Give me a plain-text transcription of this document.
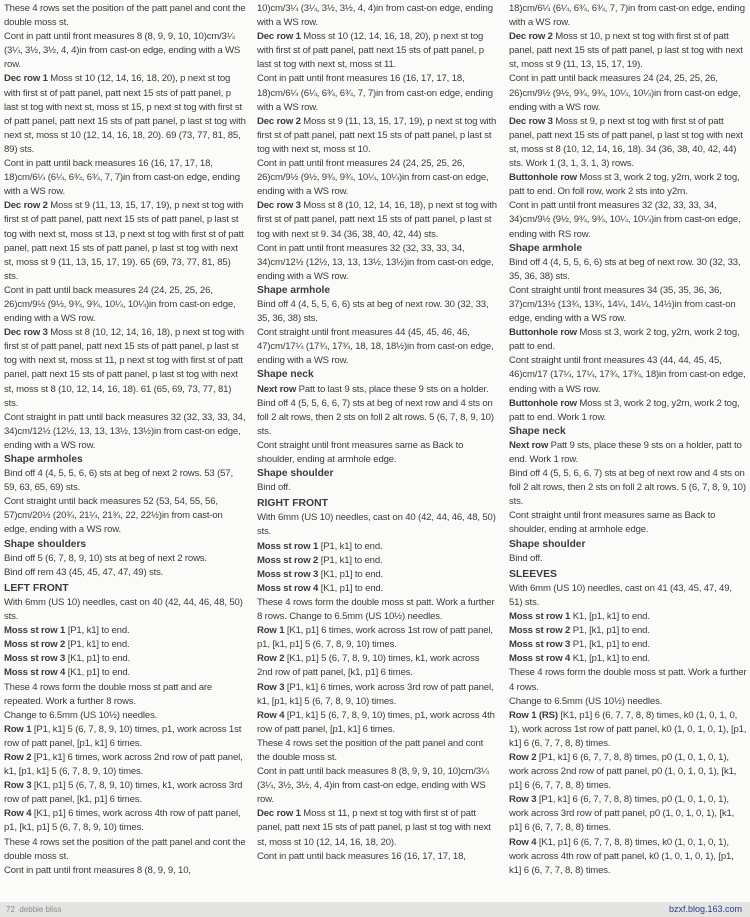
These 4 rows set the position of the patt panel and cont the double moss st.

Cont in patt until front measures 8 (8, 9, 9, 10, 10)cm/3¼ (3¼, 3½, 3½, 4, 4)in from cast-on edge, ending with a WS row.

Dec row 1 Moss st 10 (12, 14, 16, 18, 20), p next st tog with first st of patt panel, patt next 15 sts of patt panel, p last st tog with next st, moss st 15, p next st tog with first st of patt panel, patt next 15 sts of patt panel, p last st tog with next st, moss st 10 (12, 14, 16, 18, 20). 69 (73, 77, 81, 85, 89) sts.

Cont in patt until back measures 16 (16, 17, 17, 18, 18)cm/6¼ (6¼, 6¾, 6¾, 7, 7)in from cast-on edge, ending with a WS row.

Dec row 2 Moss st 9 (11, 13, 15, 17, 19), p next st tog with first st of patt panel, patt next 15 sts of patt panel, p last st tog with next st, moss st 13, p next st tog with first st of patt panel, patt next 15 sts of patt panel, p last st tog with next st, moss st 9 (11, 13, 15, 17, 19). 65 (69, 73, 77, 81, 85) sts.

Cont in patt until back measures 24 (24, 25, 25, 26, 26)cm/9½ (9½, 9¾, 9¾, 10¼, 10¼)in from cast-on edge, ending with a WS row.

Dec row 3 Moss st 8 (10, 12, 14, 16, 18), p next st tog with first st of patt panel, patt next 15 sts of patt panel, p last st tog with next st, moss st 11, p next st tog with first st of patt panel, patt next 15 sts of patt panel, p last st tog with next st, moss st 8 (10, 12, 14, 16, 18). 61 (65, 69, 73, 77, 81) sts.

Cont straight in patt until back measures 32 (32, 33, 33, 34, 34)cm/12½ (12½, 13, 13, 13½, 13½)in from cast-on edge, ending with a WS row.

Shape armholes

Bind off 4 (4, 5, 5, 6, 6) sts at beg of next 2 rows. 53 (57, 59, 63, 65, 69) sts.

Cont straight until back measures 52 (53, 54, 55, 56, 57)cm/20½ (20¾, 21¼, 21¾, 22, 22½)in from cast-on edge, ending with a WS row.

Shape shoulders

Bind off 5 (6, 7, 8, 9, 10) sts at beg of next 2 rows.

Bind off rem 43 (45, 45, 47, 47, 49) sts.

LEFT FRONT

With 6mm (US 10) needles, cast on 40 (42, 44, 46, 48, 50) sts.

Moss st row 1 [P1, k1] to end.

Moss st row 2 [P1, k1] to end.

Moss st row 3 [K1, p1] to end.

Moss st row 4 [K1, p1] to end.

These 4 rows form the double moss st patt and are repeated. Work a further 8 rows.

Change to 6.5mm (US 10½) needles.

Row 1 [P1, k1] 5 (6, 7, 8, 9, 10) times, p1, work across 1st row of patt panel, [p1, k1] 6 times.

Row 2 [P1, k1] 6 times, work across 2nd row of patt panel, k1, [p1, k1] 5 (6, 7, 8, 9, 10) times.

Row 3 [K1, p1] 5 (6, 7, 8, 9, 10) times, k1, work across 3rd row of patt panel, [k1, p1] 6 times.

Row 4 [K1, p1] 6 times, work across 4th row of patt panel, p1, [k1, p1] 5 (6, 7, 8, 9, 10) times.

These 4 rows set the position of the patt panel and cont the double moss st.

Cont in patt until front measures 8 (8, 9, 9, 10,

10)cm/3¼ (3¼, 3½, 3½, 4, 4)in from cast-on edge, ending with a WS row.

Dec row 1 Moss st 10 (12, 14, 16, 18, 20), p next st tog with first st of patt panel, patt next 15 sts of patt panel, p last st tog with next st, moss st 11.

Cont in patt until front measures 16 (16, 17, 17, 18, 18)cm/6¼ (6¼, 6¾, 6¾, 7, 7)in from cast-on edge, ending with a WS row.

Dec row 2 Moss st 9 (11, 13, 15, 17, 19), p next st tog with first st of patt panel, patt next 15 sts of patt panel, p last st tog with next st, moss st 10.

Cont in patt until front measures 24 (24, 25, 25, 26, 26)cm/9½ (9½, 9¾, 9¾, 10¼, 10¼)in from cast-on edge, ending with a WS row.

Dec row 3 Moss st 8 (10, 12, 14, 16, 18), p next st tog with first st of patt panel, patt next 15 sts of patt panel, p last st tog with next st 9. 34 (36, 38, 40, 42, 44) sts.

Cont in patt until front measures 32 (32, 33, 33, 34, 34)cm/12½ (12½, 13, 13, 13½, 13½)in from cast-on edge, ending with a WS row.

Shape armhole

Bind off 4 (4, 5, 5, 6, 6) sts at beg of next row. 30 (32, 33, 35, 36, 38) sts.

Cont straight until front measures 44 (45, 45, 46, 46, 47)cm/17¼ (17¾, 17¾, 18, 18, 18½)in from cast-on edge, ending with a WS row.

Shape neck

Next row Patt to last 9 sts, place these 9 sts on a holder. Bind off 4 (5, 5, 6, 6, 7) sts at beg of next row and 4 sts on foll 2 alt rows, then 2 sts on foll 2 alt rows. 5 (6, 7, 8, 9, 10) sts.

Cont straight until front measures same as Back to shoulder, ending at armhole edge.

Shape shoulder

Bind off.

RIGHT FRONT

With 6mm (US 10) needles, cast on 40 (42, 44, 46, 48, 50) sts.

Moss st row 1 [P1, k1] to end.

Moss st row 2 [P1, k1] to end.

Moss st row 3 [K1, p1] to end.

Moss st row 4 [K1, p1] to end.

These 4 rows form the double moss st patt. Work a further 8 rows. Change to 6.5mm (US 10½) needles.

Row 1 [K1, p1] 6 times, work across 1st row of patt panel, p1, [k1, p1] 5 (6, 7, 8, 9, 10) times.

Row 2 [K1, p1] 5 (6, 7, 8, 9, 10) times, k1, work across 2nd row of patt panel, [k1, p1] 6 times.

Row 3 [P1, k1] 6 times, work across 3rd row of patt panel, k1, [p1, k1] 5 (6, 7, 8, 9, 10) times.

Row 4 [P1, k1] 5 (6, 7, 8, 9, 10) times, p1, work across 4th row of patt panel, [p1, k1] 6 times.

These 4 rows set the position of the patt panel and cont the double moss st.

Cont in patt until back measures 8 (8, 9, 9, 10, 10)cm/3¼ (3¼, 3½, 3½, 4, 4)in from cast-on edge, ending with WS row.

Dec row 1 Moss st 11, p next st tog with first st of patt panel, patt next 15 sts of patt panel, p last st tog with next st, moss st 10 (12, 14, 16, 18, 20).

Cont in patt until back measures 16 (16, 17, 17, 18,

18)cm/6¼ (6¼, 6¾, 6¾, 7, 7)in from cast-on edge, ending with a WS row.

Dec row 2 Moss st 10, p next st tog with first st of patt panel, patt next 15 sts of patt panel, p last st tog with next st, moss st 9 (11, 13, 15, 17, 19).

Cont in patt until back measures 24 (24, 25, 25, 26, 26)cm/9½ (9½, 9¾, 9¾, 10¼, 10¼)in from cast-on edge, ending with a WS row.

Dec row 3 Moss st 9, p next st tog with first st of patt panel, patt next 15 sts of patt panel, p last st tog with next st, moss st 8 (10, 12, 14, 16, 18). 34 (36, 38, 40, 42, 44) sts. Work 1 (3, 1, 3, 1, 3) rows.

Buttonhole row Moss st 3, work 2 tog, y2rn, work 2 tog, patt to end. On foll row, work 2 sts into y2rn.

Cont in patt until front measures 32 (32, 33, 33, 34, 34)cm/9½ (9½, 9¾, 9¾, 10¼, 10¼)in from cast-on edge, ending with RS row.

Shape armhole

Bind off 4 (4, 5, 5, 6, 6) sts at beg of next row. 30 (32, 33, 35, 36, 38) sts.

Cont straight until front measures 34 (35, 35, 36, 36, 37)cm/13½ (13¾, 13¾, 14¼, 14¼, 14½)in from cast-on edge, ending with a WS row.

Buttonhole row Moss st 3, work 2 tog, y2rn, work 2 tog, patt to end.

Cont straight until front measures 43 (44, 44, 45, 45, 46)cm/17 (17¼, 17¼, 17¾, 17¾, 18)in from cast-on edge, ending with a WS row.

Buttonhole row Moss st 3, work 2 tog, y2rn, work 2 tog, patt to end. Work 1 row.

Shape neck

Next row Patt 9 sts, place these 9 sts on a holder, patt to end. Work 1 row.

Bind off 4 (5, 5, 6, 6, 7) sts at beg of next row and 4 sts on foll 2 alt rows, then 2 sts on foll 2 alt rows. 5 (6, 7, 8, 9, 10) sts.

Cont straight until front measures same as Back to shoulder, ending at armhole edge.

Shape shoulder

Bind off.

SLEEVES

With 6mm (US 10) needles, cast on 41 (43, 45, 47, 49, 51) sts.

Moss st row 1 K1, [p1, k1] to end.

Moss st row 2 P1, [k1, p1] to end.

Moss st row 3 P1, [k1, p1] to end.

Moss st row 4 K1, [p1, k1] to end.

These 4 rows form the double moss st patt. Work a further 4 rows.

Change to 6.5mm (US 10½) needles.

Row 1 (RS) [K1, p1] 6 (6, 7, 7, 8, 8) times, k0 (1, 0, 1, 0, 1), work across 1st row of patt panel, k0 (1, 0, 1, 0, 1), [p1, k1] 6 (6, 7, 7, 8, 8) times.

Row 2 [P1, k1] 6 (6, 7, 7, 8, 8) times, p0 (1, 0, 1, 0, 1), work across 2nd row of patt panel, p0 (1, 0, 1, 0, 1), [k1, p1] 6 (6, 7, 7, 8, 8) times.

Row 3 [P1, k1] 6 (6, 7, 7, 8, 8) times, p0 (1, 0, 1, 0, 1), work across 3rd row of patt panel, p0 (1, 0, 1, 0, 1), [k1, p1] 6 (6, 7, 7, 8, 8) times.

Row 4 [K1, p1] 6 (6, 7, 7, 8, 8) times, k0 (1, 0, 1, 0, 1), work across 4th row of patt panel, k0 (1, 0, 1, 0, 1), [p1, k1] 6 (6, 7, 7, 8, 8) times.

72 debbie bliss	bzxf.blog.163.com
